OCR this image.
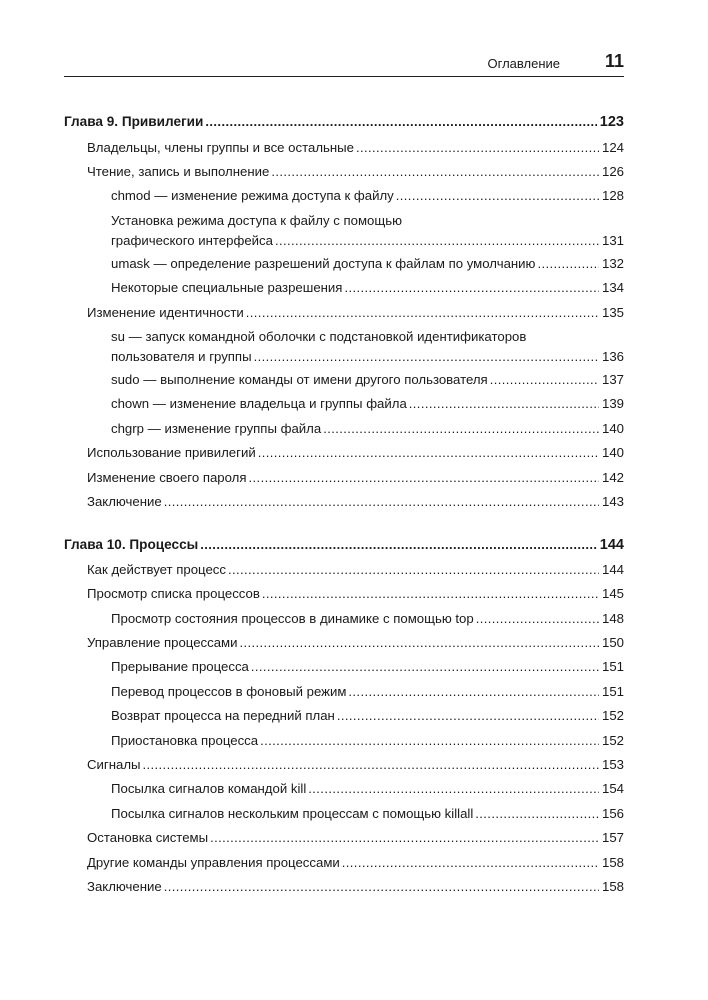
Оглавление 11
Глава 9. Привилегии .....	123
Владельцы, члены группы и все остальные .....	124
Чтение, запись и выполнение .....	126
chmod — изменение режима доступа к файлу .....	128
Установка режима доступа к файлу с помощью
графического интерфейса .....	131
umask — определение разрешений доступа к файлам по умолчанию .....	132
Некоторые специальные разрешения .....	134
Изменение идентичности .....	135
su — запуск командной оболочки с подстановкой идентификаторов
пользователя и группы .....	136
sudo — выполнение команды от имени другого пользователя .....	137
chown — изменение владельца и группы файла .....	139
chgrp — изменение группы файла .....	140
Использование привилегий .....	140
Изменение своего пароля .....	142
Заключение .....	143
Глава 10. Процессы .....	144
Как действует процесс .....	144
Просмотр списка процессов .....	145
Просмотр состояния процессов в динамике с помощью top .....	148
Управление процессами .....	150
Прерывание процесса .....	151
Перевод процессов в фоновый режим .....	151
Возврат процесса на передний план .....	152
Приостановка процесса .....	152
Сигналы .....	153
Посылка сигналов командой kill .....	154
Посылка сигналов нескольким процессам с помощью killall .....	156
Остановка системы .....	157
Другие команды управления процессами .....	158
Заключение .....	158
